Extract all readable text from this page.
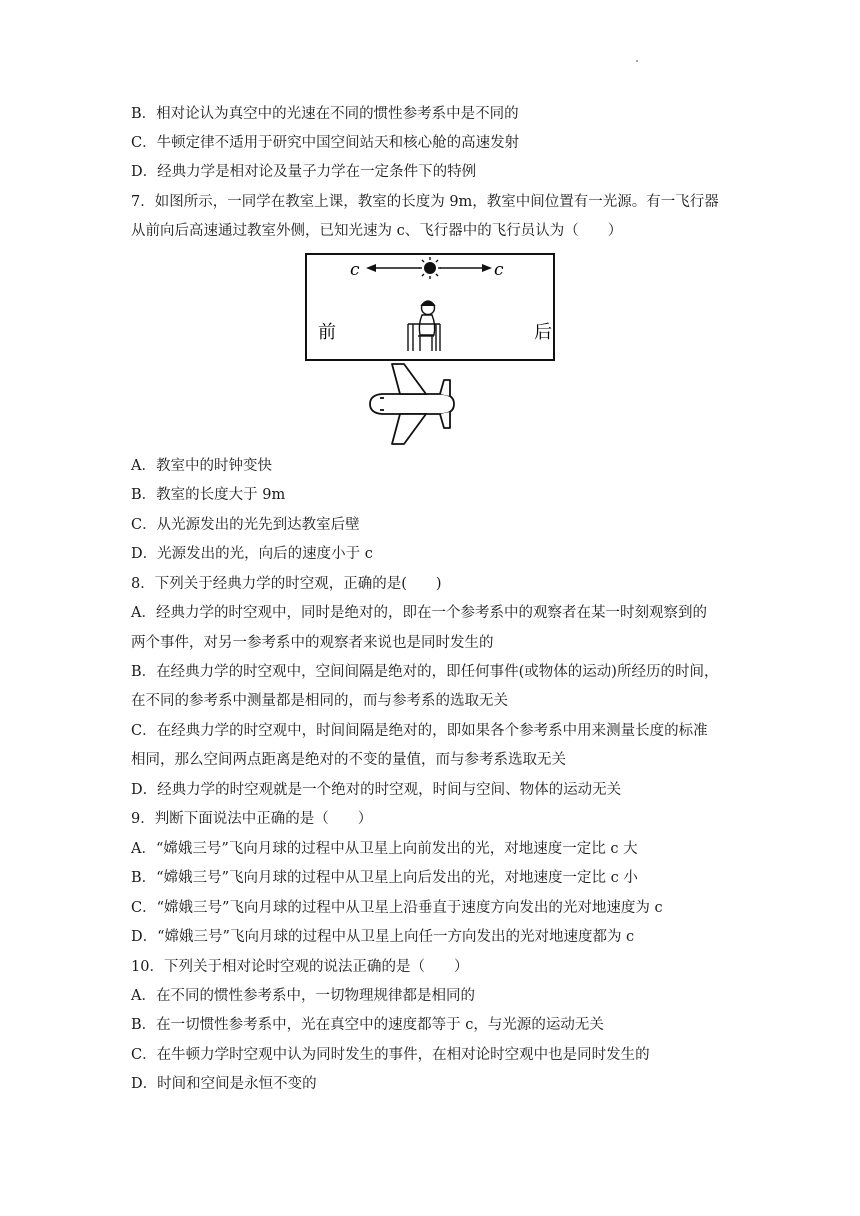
B．相对论认为真空中的光速在不同的惯性参考系中是不同的
C．牛顿定律不适用于研究中国空间站天和核心舱的高速发射
D．经典力学是相对论及量子力学在一定条件下的特例
7．如图所示，一同学在教室上课，教室的长度为 9m，教室中间位置有一光源。有一飞行器
从前向后高速通过教室外侧，已知光速为 c、飞行器中的飞行员认为（　　）
A．教室中的时钟变快
B．教室的长度大于 9m
C．从光源发出的光先到达教室后壁
D．光源发出的光，向后的速度小于 c
8．下列关于经典力学的时空观，正确的是(　　)
A．经典力学的时空观中，同时是绝对的，即在一个参考系中的观察者在某一时刻观察到的
两个事件，对另一参考系中的观察者来说也是同时发生的
B．在经典力学的时空观中，空间间隔是绝对的，即任何事件(或物体的运动)所经历的时间，
在不同的参考系中测量都是相同的，而与参考系的选取无关
C．在经典力学的时空观中，时间间隔是绝对的，即如果各个参考系中用来测量长度的标准
相同，那么空间两点距离是绝对的不变的量值，而与参考系选取无关
D．经典力学的时空观就是一个绝对的时空观，时间与空间、物体的运动无关
9．判断下面说法中正确的是（　　）
A．“嫦娥三号”飞向月球的过程中从卫星上向前发出的光，对地速度一定比 c 大
B．“嫦娥三号”飞向月球的过程中从卫星上向后发出的光，对地速度一定比 c 小
C．“嫦娥三号”飞向月球的过程中从卫星上沿垂直于速度方向发出的光对地速度为 c
D．“嫦娥三号”飞向月球的过程中从卫星上向任一方向发出的光对地速度都为 c
10．下列关于相对论时空观的说法正确的是（　　）
A．在不同的惯性参考系中，一切物理规律都是相同的
B．在一切惯性参考系中，光在真空中的速度都等于 c，与光源的运动无关
C．在牛顿力学时空观中认为同时发生的事件，在相对论时空观中也是同时发生的
D．时间和空间是永恒不变的
c	c
前	后
